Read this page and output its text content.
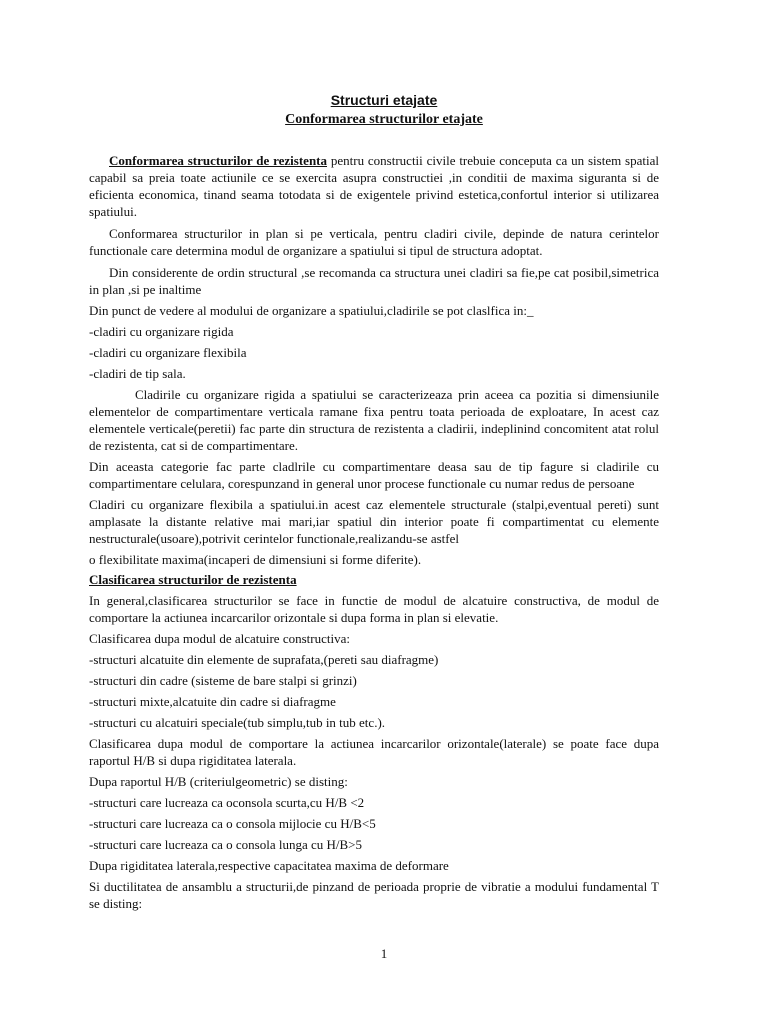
Structuri etajate
Conformarea structurilor etajate

Conformarea structurilor de rezistenta pentru constructii civile trebuie conceputa ca un sistem spatial capabil sa preia toate actiunile ce se exercita asupra constructiei ,in conditii de maxima siguranta si de eficienta economica, tinand seama totodata si de exigentele privind estetica,confortul interior si utilizarea spatiului.

Conformarea structurilor in plan si pe verticala, pentru cladiri civile, depinde de natura cerintelor functionale care determina modul de organizare a spatiului si tipul de structura adoptat.

Din considerente de ordin structural ,se recomanda ca structura unei cladiri sa fie,pe cat posibil,simetrica in plan ,si pe inaltime

Din punct de vedere al modului de organizare a spatiului,cladirile se pot claslfica in:_

-cladiri cu organizare rigida

-cladiri cu organizare flexibila

-cladiri de tip sala.

Cladirile cu organizare rigida a spatiului se caracterizeaza prin aceea ca pozitia si dimensiunile elementelor de compartimentare verticala ramane fixa pentru toata perioada de exploatare, In acest caz elementele verticale(peretii) fac parte din structura de rezistenta a cladirii, indeplinind concomitent atat rolul de rezistenta, cat si de compartimentare.

Din aceasta categorie fac parte cladlrile cu compartimentare deasa sau de tip fagure si cladirile cu compartimentare celulara, corespunzand in general unor procese functionale cu numar redus de persoane

Cladiri cu organizare flexibila a spatiului.in acest caz elementele structurale (stalpi,eventual pereti) sunt amplasate la distante relative mai mari,iar spatiul din interior poate fi compartimentat cu elemente nestructurale(usoare),potrivit cerintelor functionale,realizandu-se astfel

o flexibilitate maxima(incaperi de dimensiuni si forme diferite).

Clasificarea structurilor de rezistenta

In general,clasificarea structurilor se face in functie de modul de alcatuire constructiva, de modul de comportare la actiunea incarcarilor orizontale si dupa forma in plan si elevatie.

Clasificarea dupa modul de alcatuire constructiva:

-structuri alcatuite din elemente de suprafata,(pereti sau diafragme)

-structuri din cadre (sisteme de bare stalpi si grinzi)

-structuri mixte,alcatuite din cadre si diafragme

-structuri cu alcatuiri speciale(tub simplu,tub in tub etc.).

Clasificarea dupa modul de comportare la actiunea incarcarilor orizontale(laterale) se poate face dupa raportul H/B si dupa rigiditatea laterala.

Dupa raportul H/B (criteriulgeometric) se disting:

-structuri care lucreaza ca oconsola scurta,cu H/B <2

-structuri care lucreaza ca o consola mijlocie cu H/B<5

-structuri care lucreaza ca o consola lunga cu H/B>5

Dupa rigiditatea laterala,respective capacitatea maxima de deformare

Si ductilitatea de ansamblu a structurii,de pinzand de perioada proprie de vibratie a modului fundamental T se disting:

1
